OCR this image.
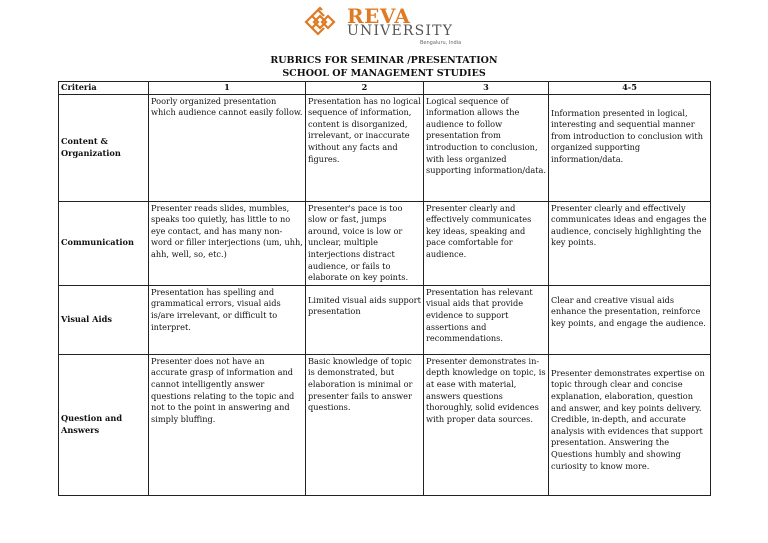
REVA
UNIVERSITY
Bengaluru, India
RUBRICS FOR SEMINAR /PRESENTATION
SCHOOL OF MANAGEMENT STUDIES
Criteria	1	2	3	4-5
Content & Organization	Poorly organized presentation which audience cannot easily follow.	Presentation has no logical sequence of information, content is disorganized, irrelevant, or inaccurate without any facts and figures.	Logical sequence of information allows the audience to follow presentation from introduction to conclusion, with less organized supporting information/data.	Information presented in logical, interesting and sequential manner from introduction to conclusion with organized supporting information/data.
Communication	Presenter reads slides, mumbles, speaks too quietly, has little to no eye contact, and has many non-word or filler interjections (um, uhh, ahh, well, so, etc.)	Presenter's pace is too slow or fast, jumps around, voice is low or unclear, multiple interjections distract audience, or fails to elaborate on key points.	Presenter clearly and effectively communicates key ideas, speaking and pace comfortable for audience.	Presenter clearly and effectively communicates ideas and engages the audience, concisely highlighting the key points.
Visual Aids	Presentation has spelling and grammatical errors, visual aids is/are irrelevant, or difficult to interpret.	Limited visual aids support presentation	Presentation has relevant visual aids that provide evidence to support assertions and recommendations.	Clear and creative visual aids enhance the presentation, reinforce key points, and engage the audience.
Question and Answers	Presenter does not have an accurate grasp of information and cannot intelligently answer questions relating to the topic and not to the point in answering and simply bluffing.	Basic knowledge of topic is demonstrated, but elaboration is minimal or presenter fails to answer questions.	Presenter demonstrates in-depth knowledge on topic, is at ease with material, answers questions thoroughly, solid evidences with proper data sources.	Presenter demonstrates expertise on topic through clear and concise explanation, elaboration, question and answer, and key points delivery. Credible, in-depth, and accurate analysis with evidences that support presentation. Answering the Questions humbly and showing curiosity to know more.
